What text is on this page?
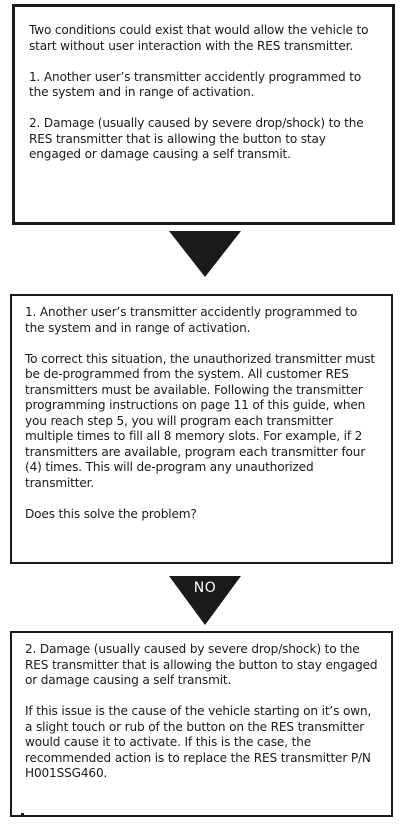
Two conditions could exist that would allow the vehicle to start without user interaction with the RES transmitter.

1. Another user’s transmitter accidently programmed to the system and in range of activation.

2. Damage (usually caused by severe drop/shock) to the RES transmitter that is allowing the button to stay engaged or damage causing a self transmit.

1. Another user’s transmitter accidently programmed to the system and in range of activation.

To correct this situation, the unauthorized transmitter must be de-programmed from the system. All customer RES transmitters must be available. Following the transmitter programming instructions on page 11 of this guide, when you reach step 5, you will program each transmitter multiple times to fill all 8 memory slots. For example, if 2 transmitters are available, program each transmitter four (4) times. This will de-program any unauthorized transmitter.

Does this solve the problem?

NO

2. Damage (usually caused by severe drop/shock) to the RES transmitter that is allowing the button to stay engaged or damage causing a self transmit.

If this issue is the cause of the vehicle starting on it’s own, a slight touch or rub of the button on the RES transmitter would cause it to activate. If this is the case, the recommended action is to replace the RES transmitter P/N H001SSG460.
